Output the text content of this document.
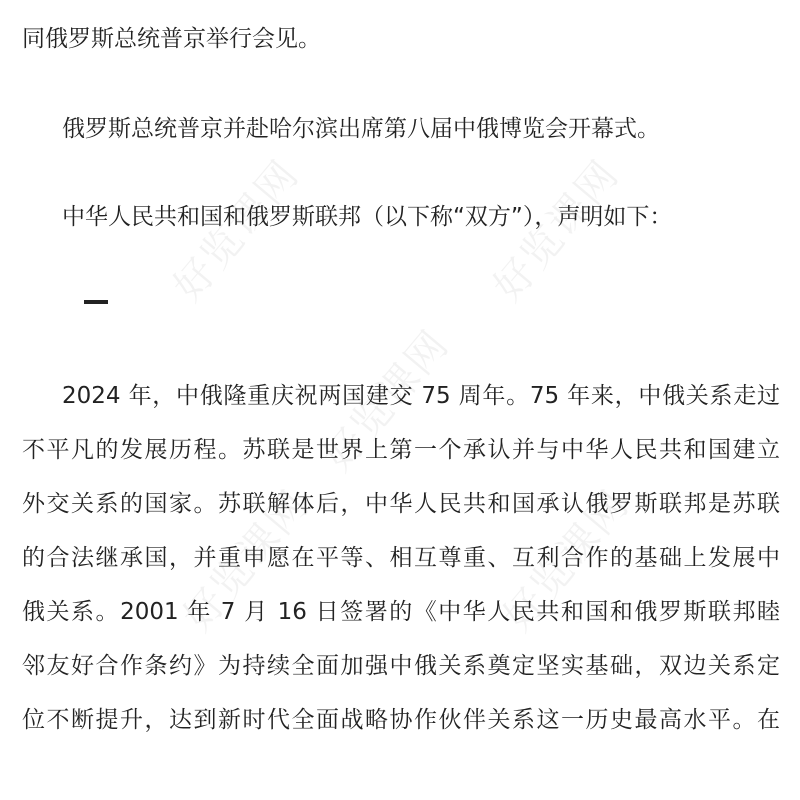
好览课网	好览课网
好览课网
好览课网	好览课网
同俄罗斯总统普京举行会见。
俄罗斯总统普京并赴哈尔滨出席第八届中俄博览会开幕式。
中华人民共和国和俄罗斯联邦（以下称“双方”），声明如下：
2024 年，中俄隆重庆祝两国建交 75 周年。75 年来，中俄关系走过
不平凡的发展历程。苏联是世界上第一个承认并与中华人民共和国建立
外交关系的国家。苏联解体后，中华人民共和国承认俄罗斯联邦是苏联
的合法继承国，并重申愿在平等、相互尊重、互利合作的基础上发展中
俄关系。2001 年 7 月 16 日签署的《中华人民共和国和俄罗斯联邦睦
邻友好合作条约》为持续全面加强中俄关系奠定坚实基础，双边关系定
位不断提升，达到新时代全面战略协作伙伴关系这一历史最高水平。在
